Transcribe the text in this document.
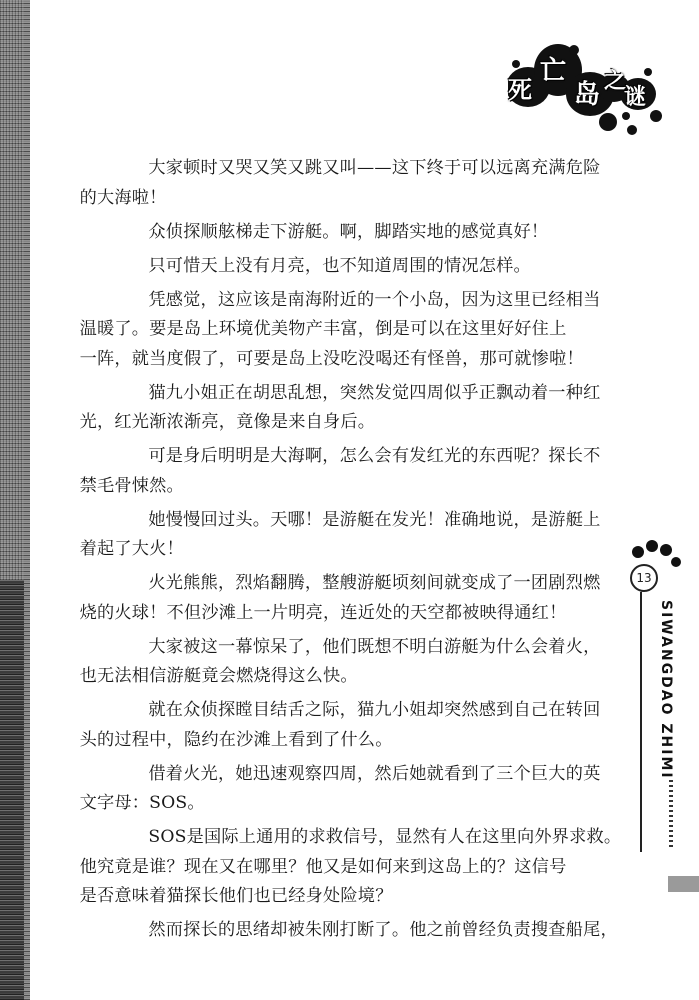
死
亡
岛 之
谜

大家顿时又哭又笑又跳又叫——这下终于可以远离充满危险
的大海啦！

众侦探顺舷梯走下游艇。啊，脚踏实地的感觉真好！

只可惜天上没有月亮，也不知道周围的情况怎样。

凭感觉，这应该是南海附近的一个小岛，因为这里已经相当
温暖了。要是岛上环境优美物产丰富，倒是可以在这里好好住上
一阵，就当度假了，可要是岛上没吃没喝还有怪兽，那可就惨啦！

猫九小姐正在胡思乱想，突然发觉四周似乎正飘动着一种红
光，红光渐浓渐亮，竟像是来自身后。

可是身后明明是大海啊，怎么会有发红光的东西呢？探长不
禁毛骨悚然。

她慢慢回过头。天哪！是游艇在发光！准确地说，是游艇上
着起了大火！

火光熊熊，烈焰翻腾，整艘游艇顷刻间就变成了一团剧烈燃
烧的火球！不但沙滩上一片明亮，连近处的天空都被映得通红！

大家被这一幕惊呆了，他们既想不明白游艇为什么会着火，
也无法相信游艇竟会燃烧得这么快。

就在众侦探瞠目结舌之际，猫九小姐却突然感到自己在转回
头的过程中，隐约在沙滩上看到了什么。

借着火光，她迅速观察四周，然后她就看到了三个巨大的英
文字母：SOS。

SOS是国际上通用的求救信号，显然有人在这里向外界求救。
他究竟是谁？现在又在哪里？他又是如何来到这岛上的？这信号
是否意味着猫探长他们也已经身处险境？

然而探长的思绪却被朱刚打断了。他之前曾经负责搜查船尾，

13
SIWANGDAO ZHIMI
